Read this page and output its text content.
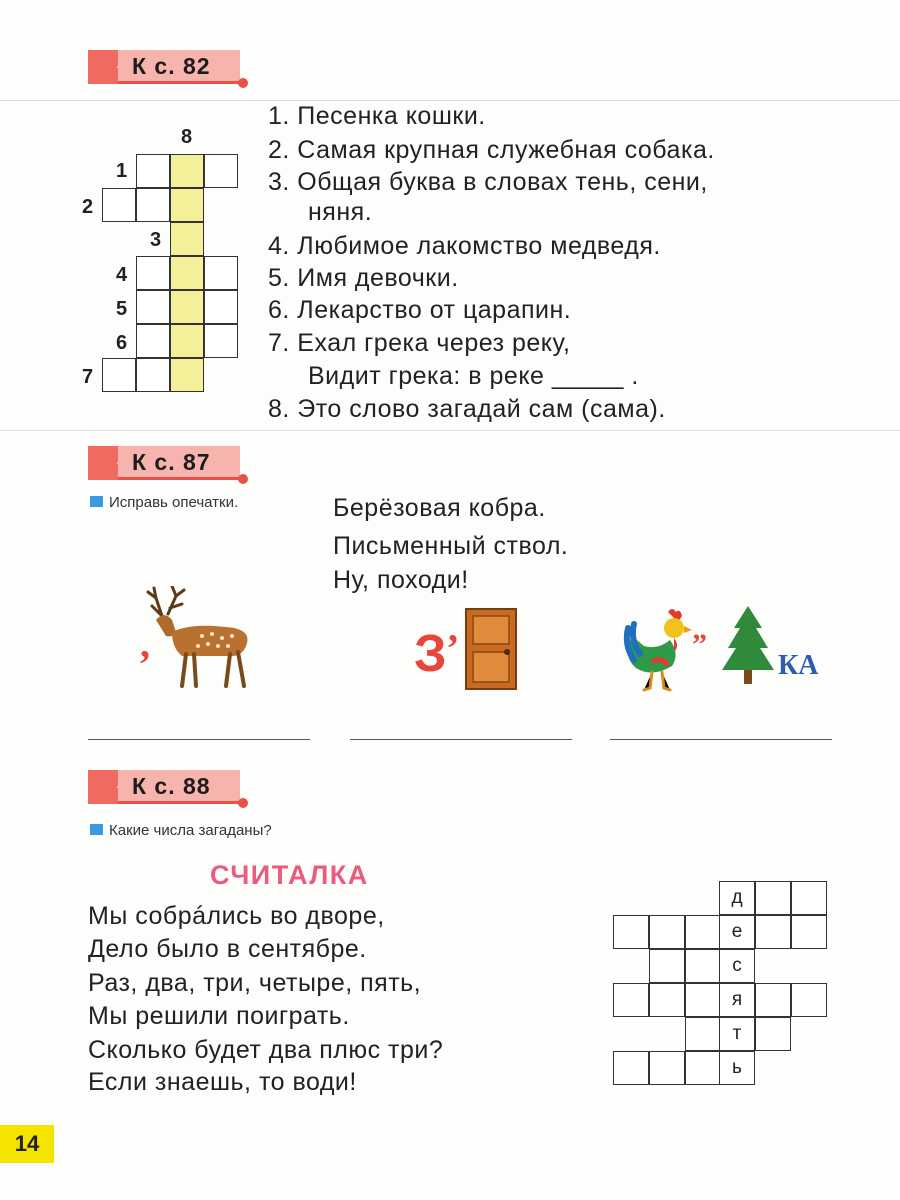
К с. 82
К с. 87
К с. 88
8
1
2
3
4
5
6
7
1. Песенка кошки.
2. Самая крупная служебная собака.
3. Общая буква в словах тень, сени,
няня.
4. Любимое лакомство медведя.
5. Имя девочки.
6. Лекарство от царапин.
7. Ехал грека через реку,
Видит грека: в реке _____ .
8. Это слово загадай сам (сама).
Исправь опечатки.	Берёзовая кобра.
Письменный ствол.
Ну, походи!
,	З ,	”
КА
Какие числа загаданы?
СЧИТАЛКА
Мы собрáлись во дворе,
Дело было в сентябре.
Раз, два, три, четыре, пять,
Мы решили поиграть.
Сколько будет два плюс три?
Если знаешь, то води!
д
е
с
я
т
ь
14
